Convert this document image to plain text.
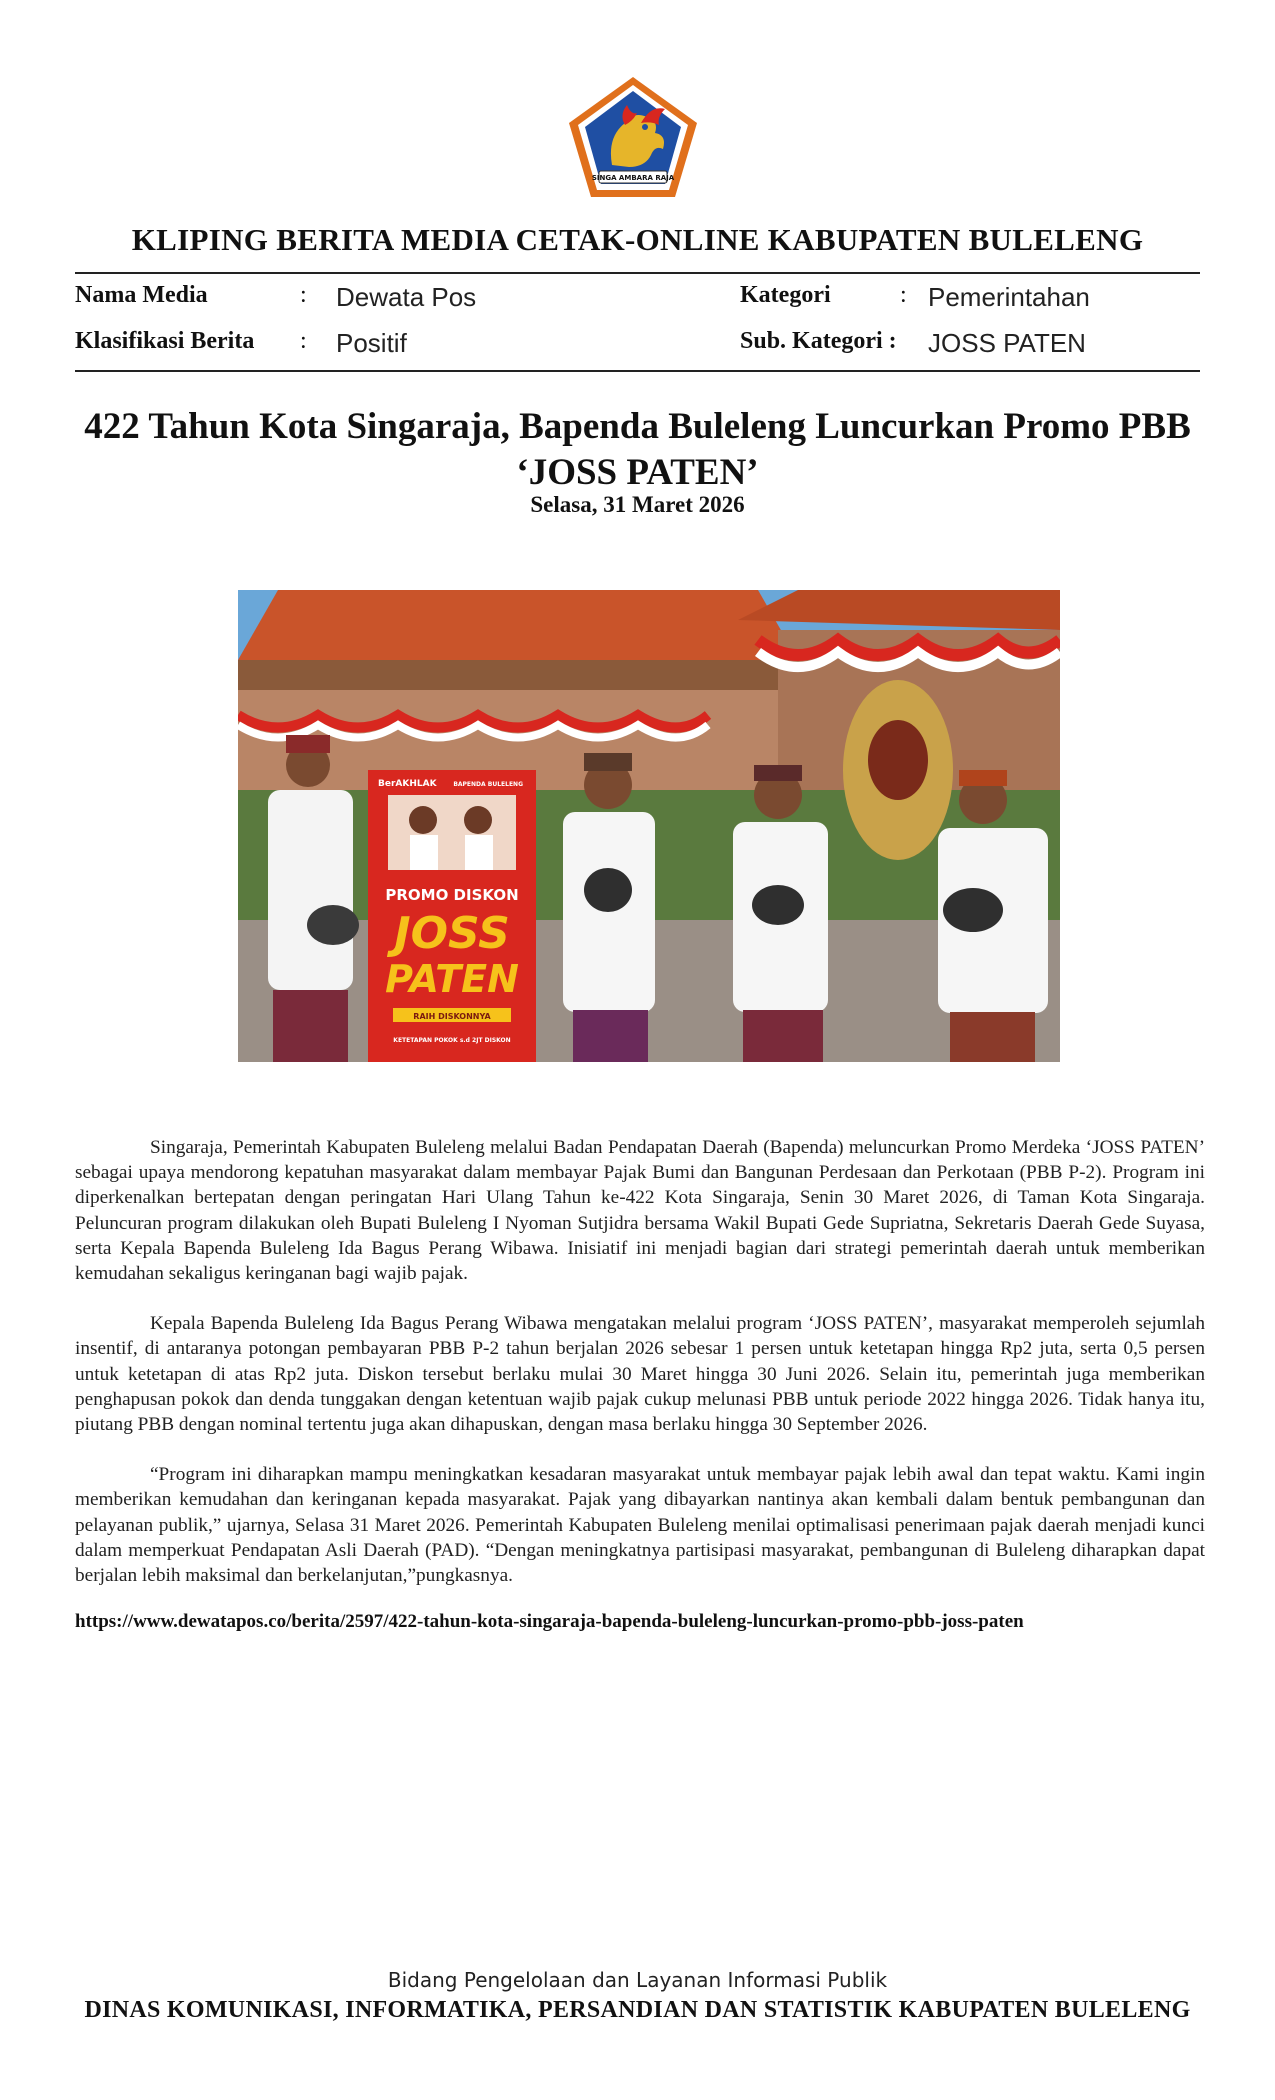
SINGA AMBARA RAJA
KLIPING BERITA MEDIA CETAK-ONLINE KABUPATEN BULELENG
Nama Media	: Dewata Pos	Kategori	: Pemerintahan
Klasifikasi Berita : Positif	Sub. Kategori : JOSS PATEN
422 Tahun Kota Singaraja, Bapenda Buleleng Luncurkan Promo PBB ‘JOSS PATEN’
Selasa, 31 Maret 2026
BerAKHLAK	BAPENDA BULELENG
PROMO DISKON
JOSS
PATEN
RAIH DISKONNYA
KETETAPAN POKOK s.d 2JT DISKON

Singaraja, Pemerintah Kabupaten Buleleng melalui Badan Pendapatan Daerah (Bapenda) meluncurkan Promo Merdeka ‘JOSS PATEN’ sebagai upaya mendorong kepatuhan masyarakat dalam membayar Pajak Bumi dan Bangunan Perdesaan dan Perkotaan (PBB P-2). Program ini diperkenalkan bertepatan dengan peringatan Hari Ulang Tahun ke-422 Kota Singaraja, Senin 30 Maret 2026, di Taman Kota Singaraja. Peluncuran program dilakukan oleh Bupati Buleleng I Nyoman Sutjidra bersama Wakil Bupati Gede Supriatna, Sekretaris Daerah Gede Suyasa, serta Kepala Bapenda Buleleng Ida Bagus Perang Wibawa. Inisiatif ini menjadi bagian dari strategi pemerintah daerah untuk memberikan kemudahan sekaligus keringanan bagi wajib pajak.

Kepala Bapenda Buleleng Ida Bagus Perang Wibawa mengatakan melalui program ‘JOSS PATEN’, masyarakat memperoleh sejumlah insentif, di antaranya potongan pembayaran PBB P-2 tahun berjalan 2026 sebesar 1 persen untuk ketetapan hingga Rp2 juta, serta 0,5 persen untuk ketetapan di atas Rp2 juta. Diskon tersebut berlaku mulai 30 Maret hingga 30 Juni 2026. Selain itu, pemerintah juga memberikan penghapusan pokok dan denda tunggakan dengan ketentuan wajib pajak cukup melunasi PBB untuk periode 2022 hingga 2026. Tidak hanya itu, piutang PBB dengan nominal tertentu juga akan dihapuskan, dengan masa berlaku hingga 30 September 2026.

“Program ini diharapkan mampu meningkatkan kesadaran masyarakat untuk membayar pajak lebih awal dan tepat waktu. Kami ingin memberikan kemudahan dan keringanan kepada masyarakat. Pajak yang dibayarkan nantinya akan kembali dalam bentuk pembangunan dan pelayanan publik,” ujarnya, Selasa 31 Maret 2026. Pemerintah Kabupaten Buleleng menilai optimalisasi penerimaan pajak daerah menjadi kunci dalam memperkuat Pendapatan Asli Daerah (PAD). “Dengan meningkatnya partisipasi masyarakat, pembangunan di Buleleng diharapkan dapat berjalan lebih maksimal dan berkelanjutan,”pungkasnya.

https://www.dewatapos.co/berita/2597/422-tahun-kota-singaraja-bapenda-buleleng-luncurkan-promo-pbb-joss-paten
Bidang Pengelolaan dan Layanan Informasi Publik
DINAS KOMUNIKASI, INFORMATIKA, PERSANDIAN DAN STATISTIK KABUPATEN BULELENG
